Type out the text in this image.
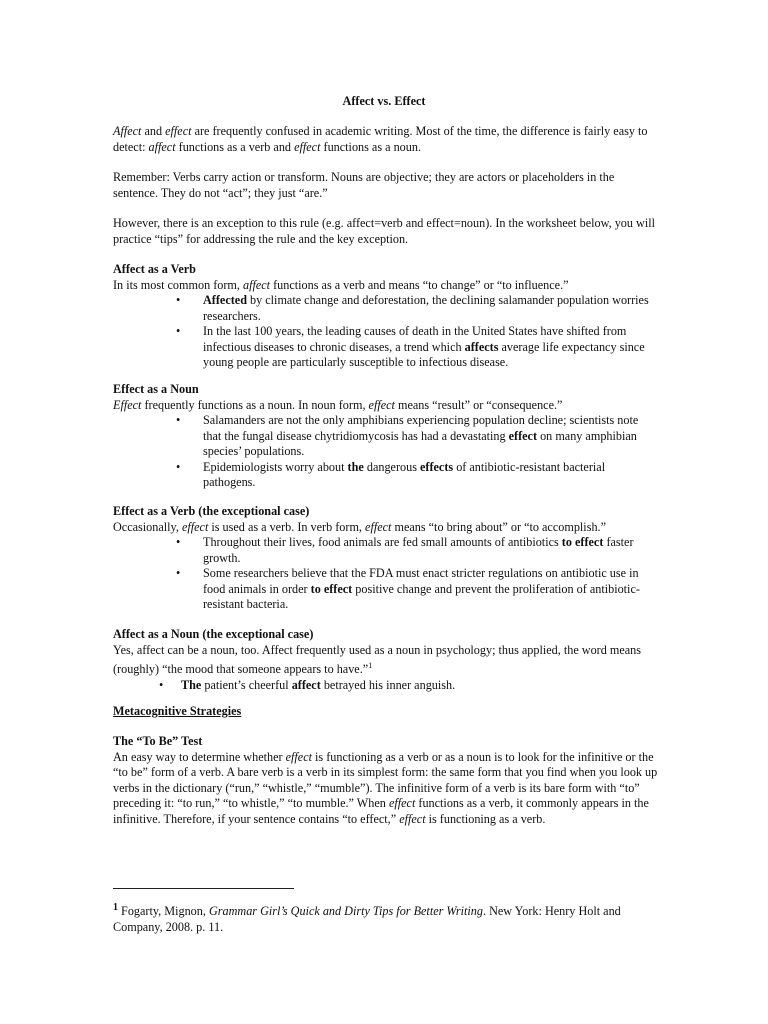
Affect vs. Effect
Affect and effect are frequently confused in academic writing. Most of the time, the difference is fairly easy to detect: affect functions as a verb and effect functions as a noun.
Remember: Verbs carry action or transform. Nouns are objective; they are actors or placeholders in the sentence. They do not “act”; they just “are.”
However, there is an exception to this rule (e.g. affect=verb and effect=noun). In the worksheet below, you will practice “tips” for addressing the rule and the key exception.
Affect as a Verb
In its most common form, affect functions as a verb and means “to change” or “to influence.”
• Affected by climate change and deforestation, the declining salamander population worries researchers.
• In the last 100 years, the leading causes of death in the United States have shifted from infectious diseases to chronic diseases, a trend which affects average life expectancy since young people are particularly susceptible to infectious disease.
Effect as a Noun
Effect frequently functions as a noun. In noun form, effect means “result” or “consequence.”
• Salamanders are not the only amphibians experiencing population decline; scientists note that the fungal disease chytridiomycosis has had a devastating effect on many amphibian species’ populations.
• Epidemiologists worry about the dangerous effects of antibiotic-resistant bacterial pathogens.
Effect as a Verb (the exceptional case)
Occasionally, effect is used as a verb. In verb form, effect means “to bring about” or “to accomplish.”
• Throughout their lives, food animals are fed small amounts of antibiotics to effect faster growth.
• Some researchers believe that the FDA must enact stricter regulations on antibiotic use in food animals in order to effect positive change and prevent the proliferation of antibiotic-resistant bacteria.
Affect as a Noun (the exceptional case)
Yes, affect can be a noun, too. Affect frequently used as a noun in psychology; thus applied, the word means (roughly) “the mood that someone appears to have.”$^1$
• The patient’s cheerful affect betrayed his inner anguish.
Metacognitive Strategies
The “To Be” Test
An easy way to determine whether effect is functioning as a verb or as a noun is to look for the infinitive or the “to be” form of a verb. A bare verb is a verb in its simplest form: the same form that you find when you look up verbs in the dictionary (“run,” “whistle,” “mumble”). The infinitive form of a verb is its bare form with “to” preceding it: “to run,” “to whistle,” “to mumble.” When effect functions as a verb, it commonly appears in the infinitive. Therefore, if your sentence contains “to effect,” effect is functioning as a verb.
$^1$ Fogarty, Mignon, Grammar Girl’s Quick and Dirty Tips for Better Writing. New York: Henry Holt and Company, 2008. p. 11.
